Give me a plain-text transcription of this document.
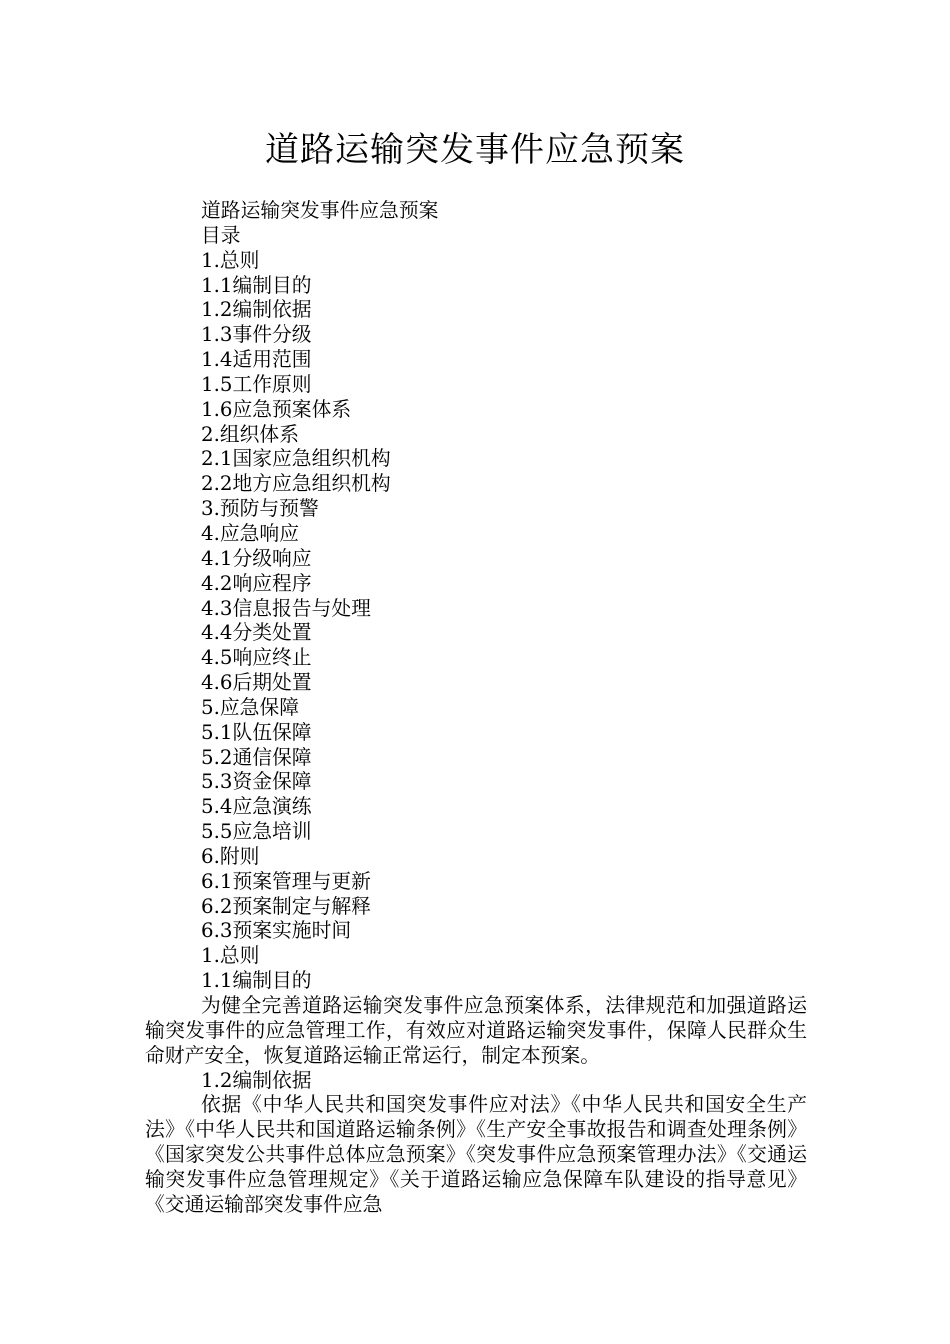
道路运输突发事件应急预案

道路运输突发事件应急预案

目录

1.总则

1.1编制目的

1.2编制依据

1.3事件分级

1.4适用范围

1.5工作原则

1.6应急预案体系

2.组织体系

2.1国家应急组织机构

2.2地方应急组织机构

3.预防与预警

4.应急响应

4.1分级响应

4.2响应程序

4.3信息报告与处理

4.4分类处置

4.5响应终止

4.6后期处置

5.应急保障

5.1队伍保障

5.2通信保障

5.3资金保障

5.4应急演练

5.5应急培训

6.附则

6.1预案管理与更新

6.2预案制定与解释

6.3预案实施时间

1.总则

1.1编制目的

为健全完善道路运输突发事件应急预案体系，法律规范和加强道路运输突发事件的应急管理工作，有效应对道路运输突发事件，保障人民群众生命财产安全，恢复道路运输正常运行，制定本预案。

1.2编制依据

依据《中华人民共和国突发事件应对法》《中华人民共和国安全生产法》《中华人民共和国道路运输条例》《生产安全事故报告和调查处理条例》《国家突发公共事件总体应急预案》《突发事件应急预案管理办法》《交通运输突发事件应急管理规定》《关于道路运输应急保障车队建设的指导意见》《交通运输部突发事件应急
